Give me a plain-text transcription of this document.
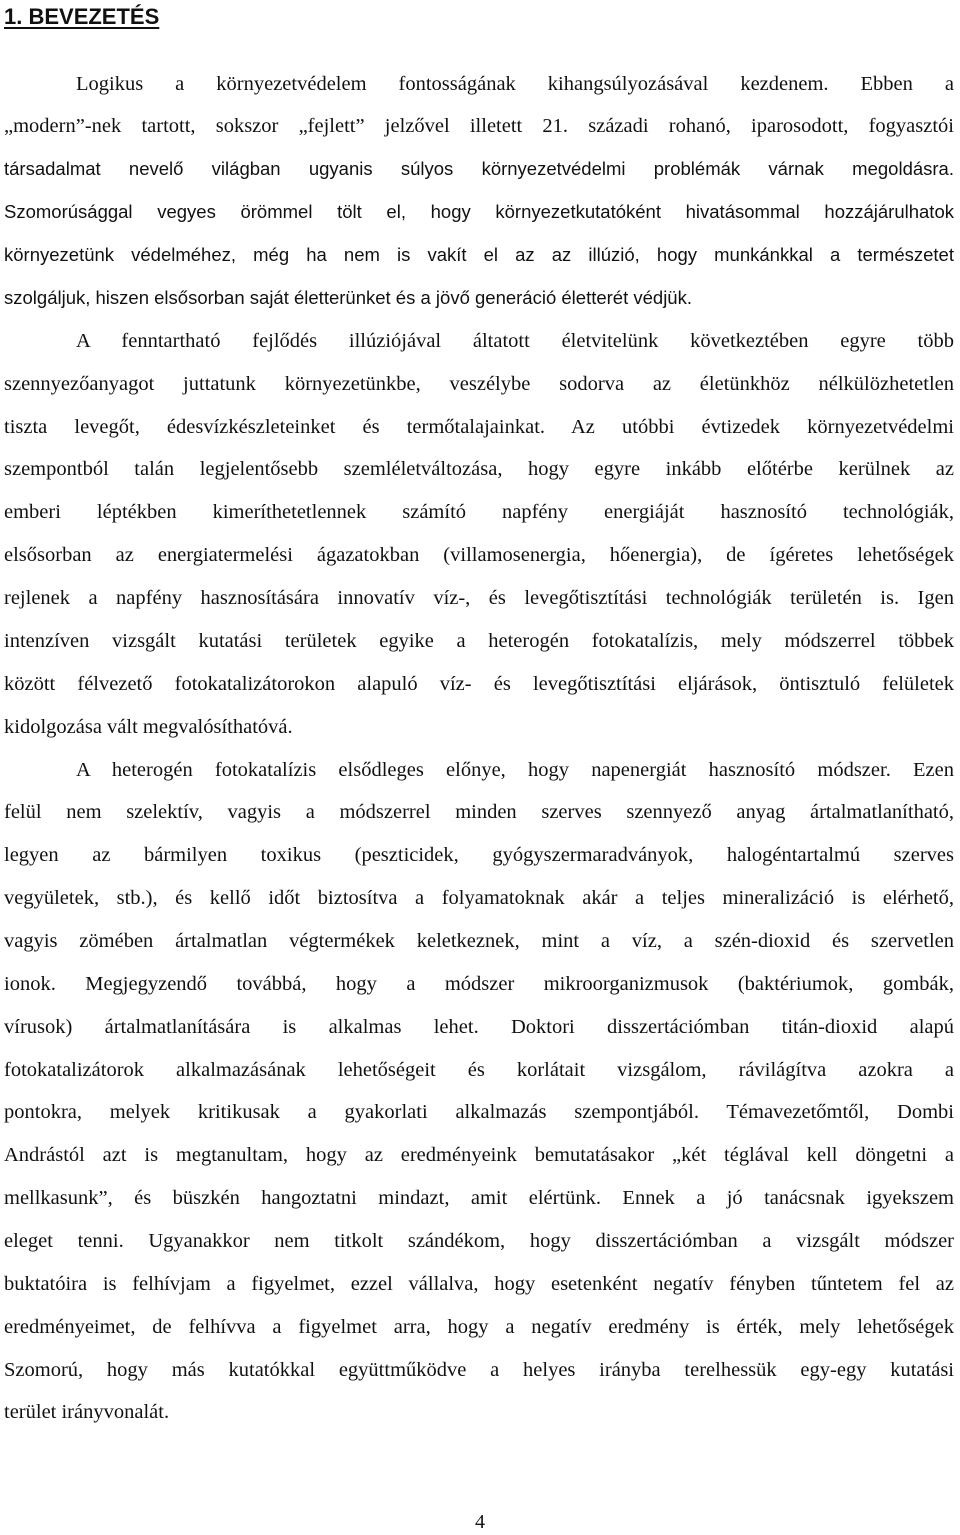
1. BEVEZETÉS

Logikus a környezetvédelem fontosságának kihangsúlyozásával kezdenem. Ebben a

„modern”-nek tartott, sokszor „fejlett” jelzővel illetett 21. századi rohanó, iparosodott, fogyasztói

társadalmat nevelő világban ugyanis súlyos környezetvédelmi problémák várnak megoldásra.

Szomorúsággal vegyes örömmel tölt el, hogy környezetkutatóként hivatásommal hozzájárulhatok

környezetünk védelméhez, még ha nem is vakít el az az illúzió, hogy munkánkkal a természetet

szolgáljuk, hiszen elsősorban saját életterünket és a jövő generáció életterét védjük.

A fenntartható fejlődés illúziójával áltatott életvitelünk következtében egyre több

szennyezőanyagot juttatunk környezetünkbe, veszélybe sodorva az életünkhöz nélkülözhetetlen

tiszta levegőt, édesvízkészleteinket és termőtalajainkat. Az utóbbi évtizedek környezetvédelmi

szempontból talán legjelentősebb szemléletváltozása, hogy egyre inkább előtérbe kerülnek az

emberi léptékben kimeríthetetlennek számító napfény energiáját hasznosító technológiák,

elsősorban az energiatermelési ágazatokban (villamosenergia, hőenergia), de ígéretes lehetőségek

rejlenek a napfény hasznosítására innovatív víz-, és levegőtisztítási technológiák területén is. Igen

intenzíven vizsgált kutatási területek egyike a heterogén fotokatalízis, mely módszerrel többek

között félvezető fotokatalizátorokon alapuló víz- és levegőtisztítási eljárások, öntisztuló felületek

kidolgozása vált megvalósíthatóvá.

A heterogén fotokatalízis elsődleges előnye, hogy napenergiát hasznosító módszer. Ezen

felül nem szelektív, vagyis a módszerrel minden szerves szennyező anyag ártalmatlanítható,

legyen az bármilyen toxikus (peszticidek, gyógyszermaradványok, halogéntartalmú szerves

vegyületek, stb.), és kellő időt biztosítva a folyamatoknak akár a teljes mineralizáció is elérhető,

vagyis zömében ártalmatlan végtermékek keletkeznek, mint a víz, a szén-dioxid és szervetlen

ionok. Megjegyzendő továbbá, hogy a módszer mikroorganizmusok (baktériumok, gombák,

vírusok) ártalmatlanítására is alkalmas lehet. Doktori disszertációmban titán-dioxid alapú

fotokatalizátorok alkalmazásának lehetőségeit és korlátait vizsgálom, rávilágítva azokra a

pontokra, melyek kritikusak a gyakorlati alkalmazás szempontjából. Témavezetőmtől, Dombi

Andrástól azt is megtanultam, hogy az eredményeink bemutatásakor „két téglával kell döngetni a

mellkasunk”, és büszkén hangoztatni mindazt, amit elértünk. Ennek a jó tanácsnak igyekszem

eleget tenni. Ugyanakkor nem titkolt szándékom, hogy disszertációmban a vizsgált módszer

buktatóira is felhívjam a figyelmet, ezzel vállalva, hogy esetenként negatív fényben tűntetem fel az

eredményeimet, de felhívva a figyelmet arra, hogy a negatív eredmény is érték, mely lehetőségek

Szomorú, hogy más kutatókkal együttműködve a helyes irányba terelhessük egy-egy kutatási

terület irányvonalát.

4
